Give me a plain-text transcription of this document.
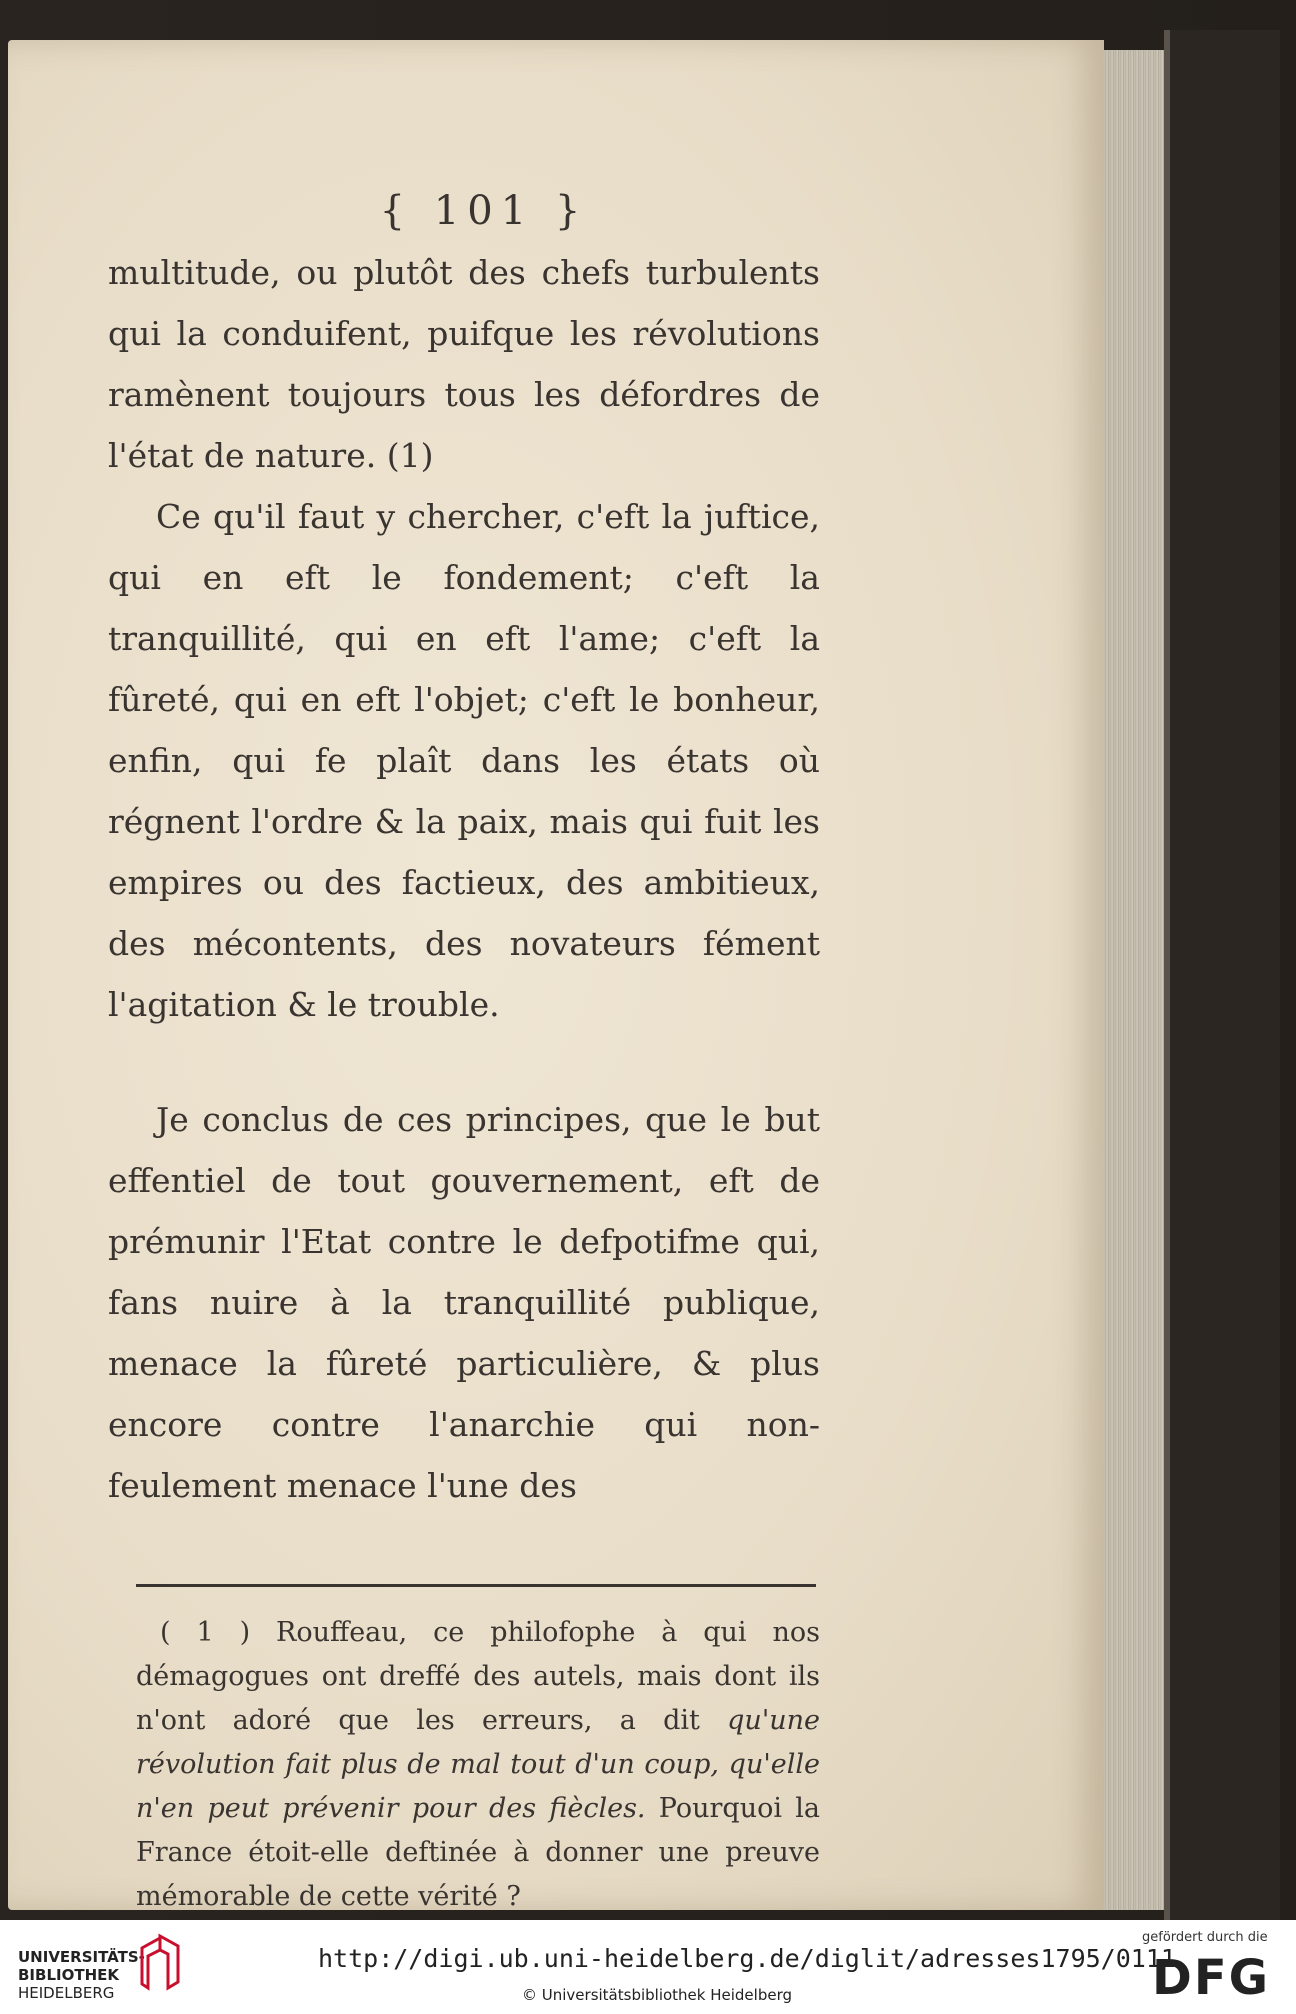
{ 101 }

multitude, ou plutôt des chefs turbulents qui la conduifent, puifque les révolutions ramènent toujours tous les défordres de l'état de nature. (1)

Ce qu'il faut y chercher, c'eft la juftice, qui en eft le fondement; c'eft la tranquillité, qui en eft l'ame; c'eft la fûreté, qui en eft l'objet; c'eft le bonheur, enfin, qui fe plaît dans les états où régnent l'ordre & la paix, mais qui fuit les empires ou des factieux, des ambitieux, des mécontents, des novateurs fément l'agitation & le trouble.

Je conclus de ces principes, que le but effentiel de tout gouvernement, eft de prémunir l'Etat contre le defpotifme qui, fans nuire à la tranquillité publique, menace la fûreté particulière, & plus encore contre l'anarchie qui non-feulement menace l'une des

( 1 ) Rouffeau, ce philofophe à qui nos démagogues ont dreffé des autels, mais dont ils n'ont adoré que les erreurs, a dit qu'une révolution fait plus de mal tout d'un coup, qu'elle n'en peut prévenir pour des fiècles. Pourquoi la France étoit-elle deftinée à donner une preuve mémorable de cette vérité ?
UNIVERSITÄTS-
BIBLIOTHEK
HEIDELBERG
http://digi.ub.uni-heidelberg.de/diglit/adresses1795/0111
© Universitätsbibliothek Heidelberg
gefördert durch die
DFG
